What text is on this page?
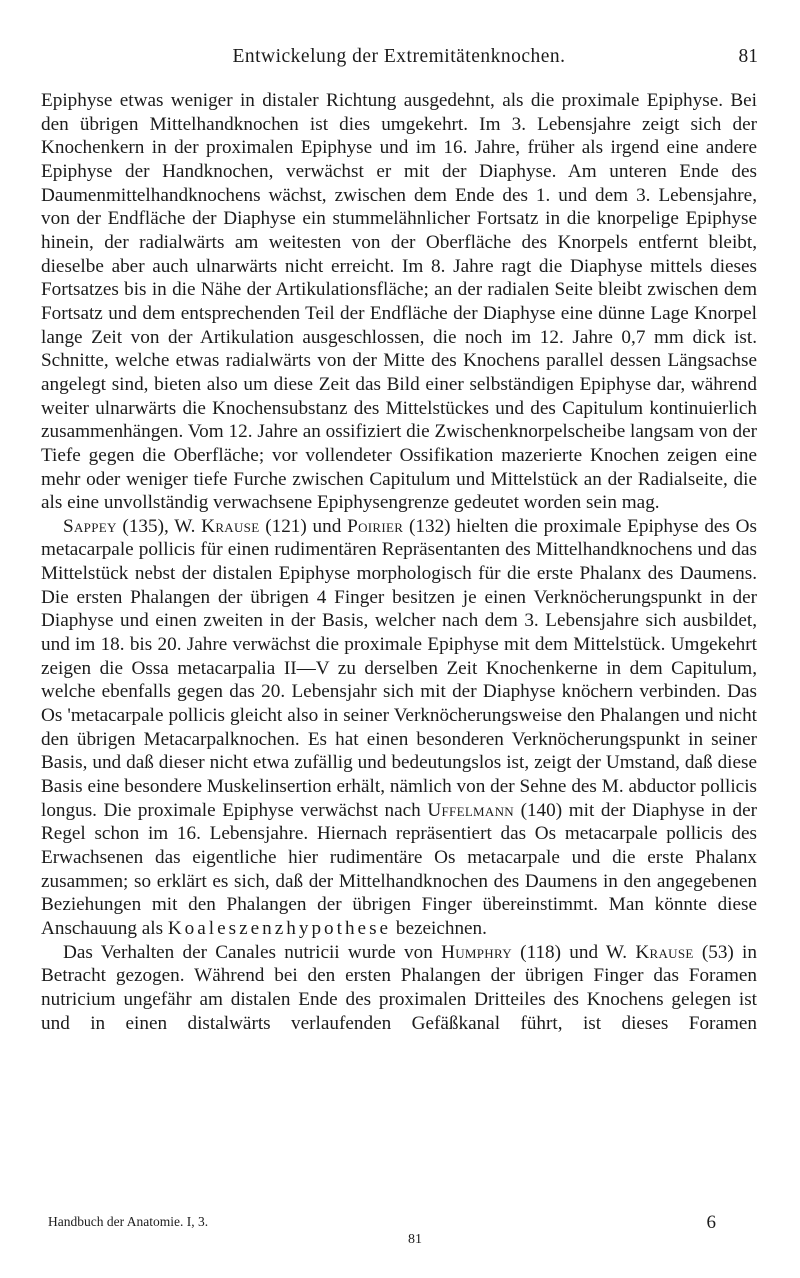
Entwickelung der Extremitätenknochen.	81

Epiphyse etwas weniger in distaler Richtung ausgedehnt, als die proximale Epiphyse. Bei den übrigen Mittelhandknochen ist dies umgekehrt. Im 3. Lebensjahre zeigt sich der Knochenkern in der proximalen Epiphyse und im 16. Jahre, früher als irgend eine andere Epiphyse der Handknochen, verwächst er mit der Diaphyse. Am unteren Ende des Daumenmittelhandknochens wächst, zwischen dem Ende des 1. und dem 3. Lebensjahre, von der Endfläche der Diaphyse ein stummelähnlicher Fortsatz in die knorpelige Epiphyse hinein, der radialwärts am weitesten von der Oberfläche des Knorpels entfernt bleibt, dieselbe aber auch ulnarwärts nicht erreicht. Im 8. Jahre ragt die Diaphyse mittels dieses Fortsatzes bis in die Nähe der Artikulationsfläche; an der radialen Seite bleibt zwischen dem Fortsatz und dem entsprechenden Teil der Endfläche der Diaphyse eine dünne Lage Knorpel lange Zeit von der Artikulation ausgeschlossen, die noch im 12. Jahre 0,7 mm dick ist. Schnitte, welche etwas radialwärts von der Mitte des Knochens parallel dessen Längsachse angelegt sind, bieten also um diese Zeit das Bild einer selbständigen Epiphyse dar, während weiter ulnarwärts die Knochensubstanz des Mittelstückes und des Capitulum kontinuierlich zusammenhängen. Vom 12. Jahre an ossifiziert die Zwischenknorpelscheibe langsam von der Tiefe gegen die Oberfläche; vor vollendeter Ossifikation mazerierte Knochen zeigen eine mehr oder weniger tiefe Furche zwischen Capitulum und Mittelstück an der Radialseite, die als eine unvollständig verwachsene Epiphysengrenze gedeutet worden sein mag.

Sappey (135), W. Krause (121) und Poirier (132) hielten die proximale Epiphyse des Os metacarpale pollicis für einen rudimentären Repräsentanten des Mittelhandknochens und das Mittelstück nebst der distalen Epiphyse morphologisch für die erste Phalanx des Daumens. Die ersten Phalangen der übrigen 4 Finger besitzen je einen Verknöcherungspunkt in der Diaphyse und einen zweiten in der Basis, welcher nach dem 3. Lebensjahre sich ausbildet, und im 18. bis 20. Jahre verwächst die proximale Epiphyse mit dem Mittelstück. Umgekehrt zeigen die Ossa metacarpalia II—V zu derselben Zeit Knochenkerne in dem Capitulum, welche ebenfalls gegen das 20. Lebensjahr sich mit der Diaphyse knöchern verbinden. Das Os 'metacarpale pollicis gleicht also in seiner Verknöcherungsweise den Phalangen und nicht den übrigen Metacarpalknochen. Es hat einen besonderen Verknöcherungspunkt in seiner Basis, und daß dieser nicht etwa zufällig und bedeutungslos ist, zeigt der Umstand, daß diese Basis eine besondere Muskelinsertion erhält, nämlich von der Sehne des M. abductor pollicis longus. Die proximale Epiphyse verwächst nach Uffelmann (140) mit der Diaphyse in der Regel schon im 16. Lebensjahre. Hiernach repräsentiert das Os metacarpale pollicis des Erwachsenen das eigentliche hier rudimentäre Os metacarpale und die erste Phalanx zusammen; so erklärt es sich, daß der Mittelhandknochen des Daumens in den angegebenen Beziehungen mit den Phalangen der übrigen Finger übereinstimmt. Man könnte diese Anschauung als Koaleszenzhypothese bezeichnen.

Das Verhalten der Canales nutricii wurde von Humphry (118) und W. Krause (53) in Betracht gezogen. Während bei den ersten Phalangen der übrigen Finger das Foramen nutricium ungefähr am distalen Ende des proximalen Dritteiles des Knochens gelegen ist und in einen distalwärts verlaufenden Gefäßkanal führt, ist dieses Foramen

Handbuch der Anatomie. I, 3.	6
81
